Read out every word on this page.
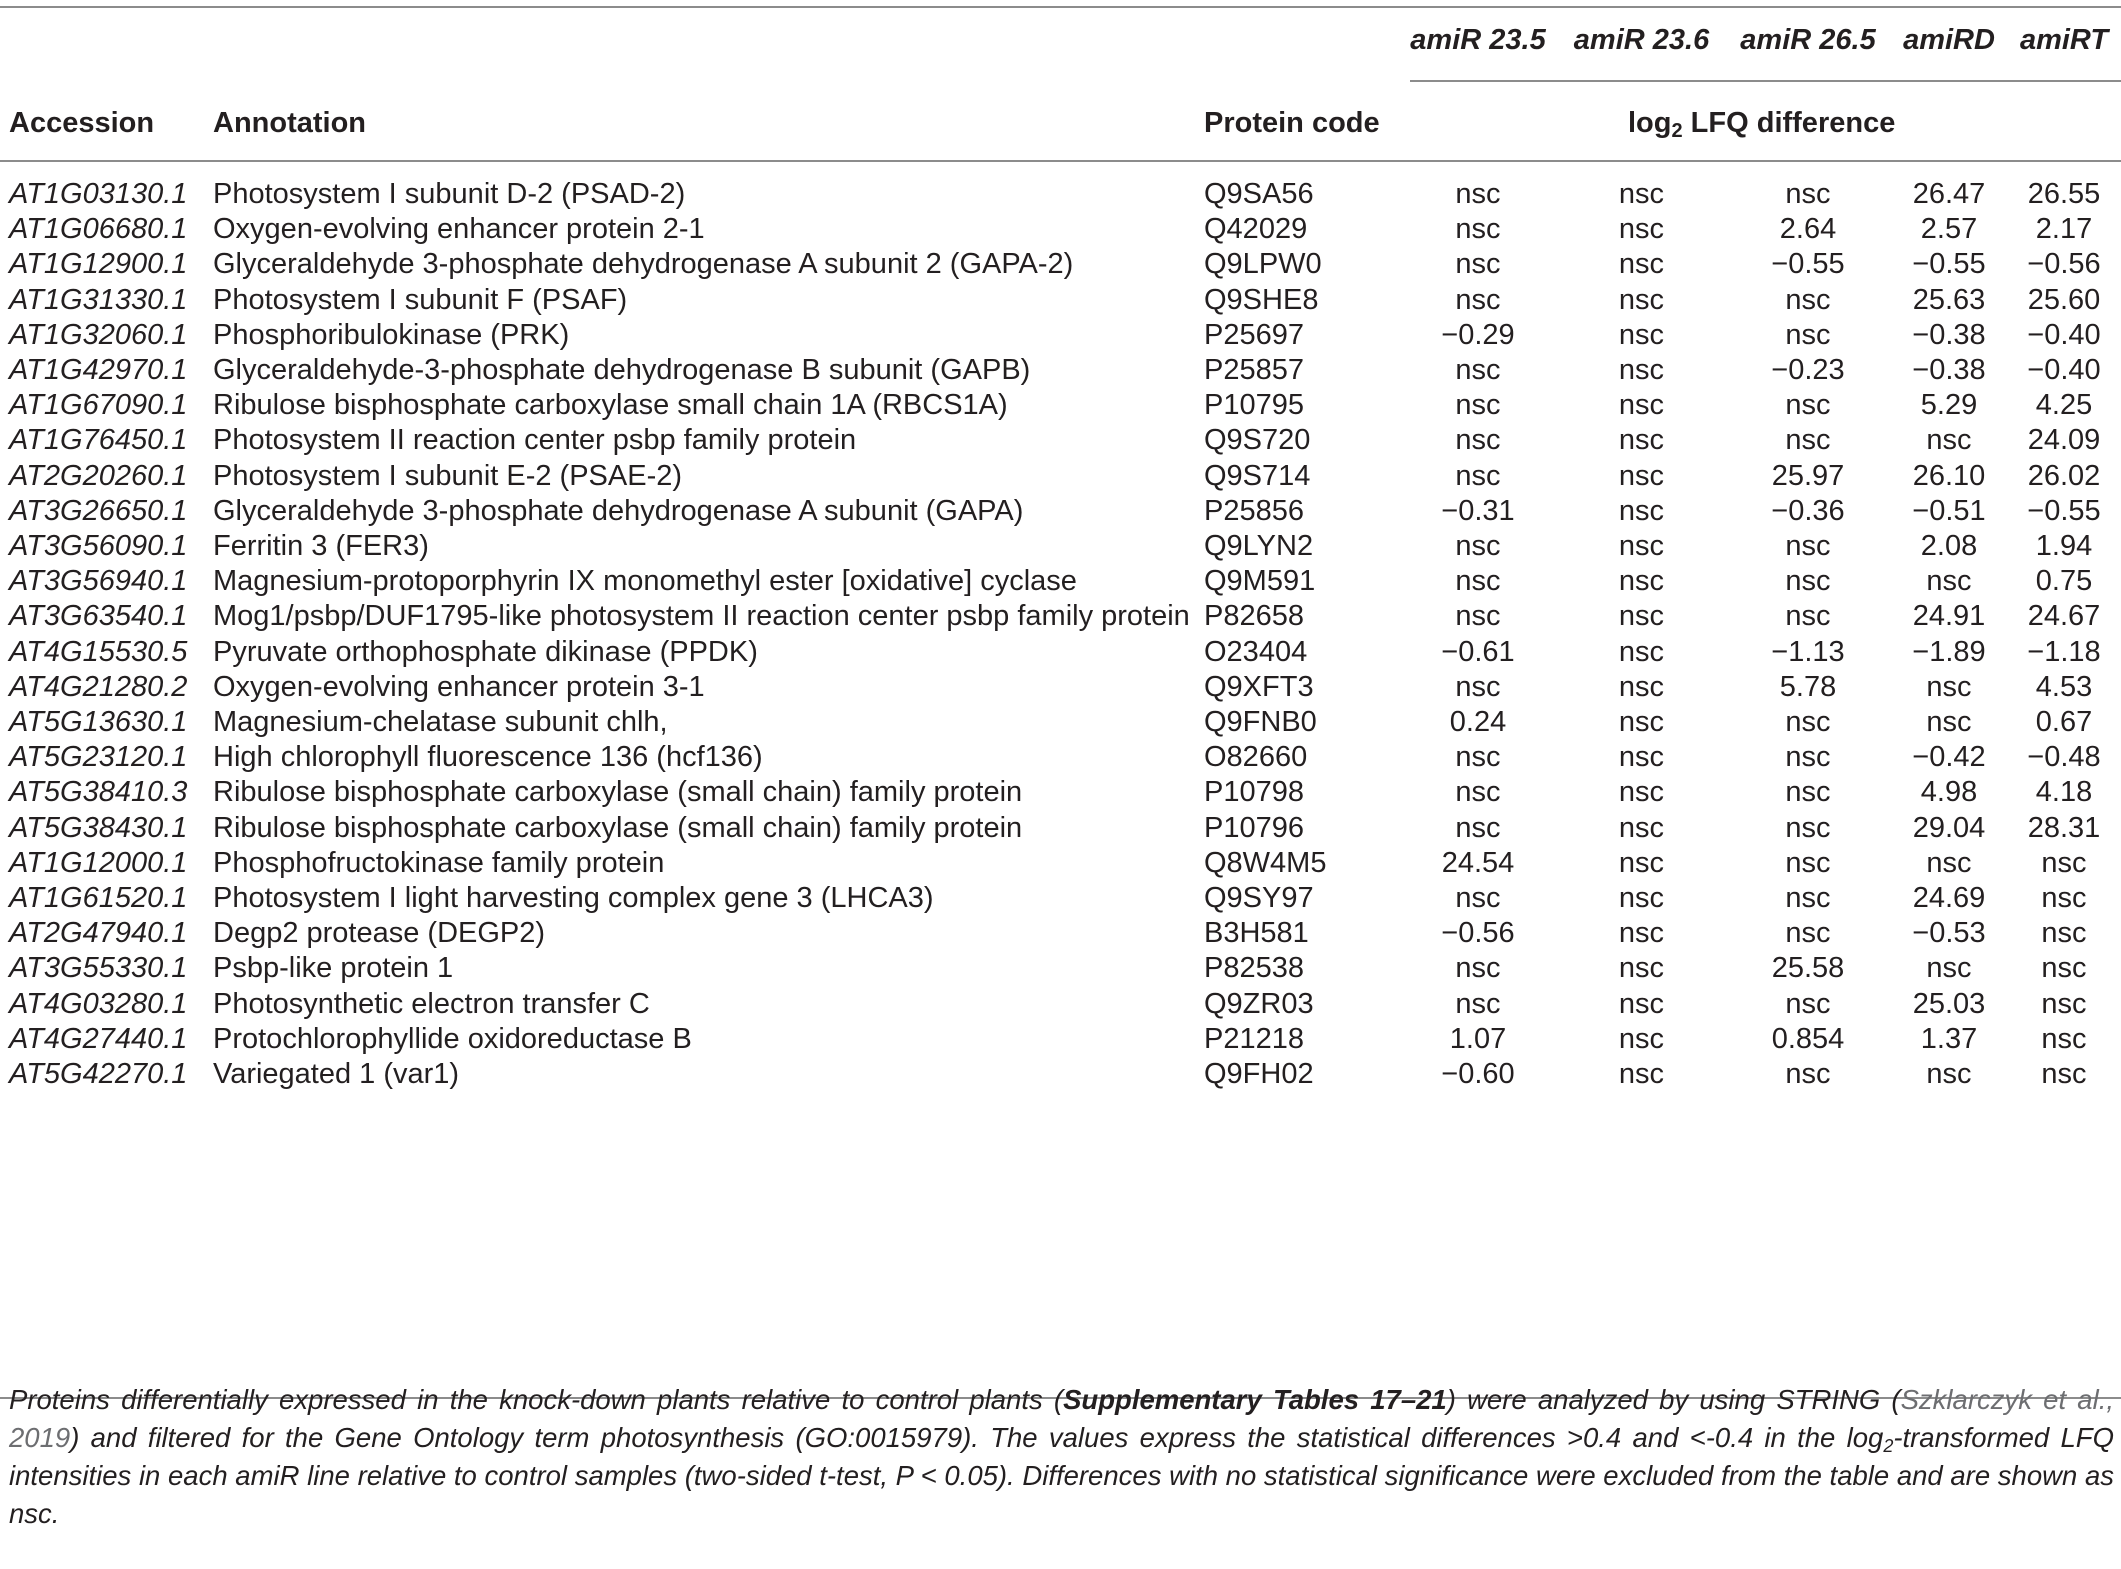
amiR 23.5 amiR 23.6	amiR 26.5 amiRD amiRT
Accession Annotation	Protein code	$\log_2$ LFQ difference
AT1G03130.1 Photosystem I subunit D-2 (PSAD-2)	Q9SA56	nsc	nsc	nsc	26.47	26.55
AT1G06680.1 Oxygen-evolving enhancer protein 2-1	Q42029	nsc	nsc	2.64	2.57	2.17
AT1G12900.1 Glyceraldehyde 3-phosphate dehydrogenase A subunit 2 (GAPA-2)	Q9LPW0	nsc	nsc	−0.55	−0.55	−0.56
AT1G31330.1 Photosystem I subunit F (PSAF)	Q9SHE8	nsc	nsc	nsc	25.63	25.60
AT1G32060.1 Phosphoribulokinase (PRK)	P25697	−0.29	nsc	nsc	−0.38	−0.40
AT1G42970.1 Glyceraldehyde-3-phosphate dehydrogenase B subunit (GAPB)	P25857	nsc	nsc	−0.23	−0.38	−0.40
AT1G67090.1 Ribulose bisphosphate carboxylase small chain 1A (RBCS1A)	P10795	nsc	nsc	nsc	5.29	4.25
AT1G76450.1 Photosystem II reaction center psbp family protein	Q9S720	nsc	nsc	nsc	nsc	24.09
AT2G20260.1 Photosystem I subunit E-2 (PSAE-2)	Q9S714	nsc	nsc	25.97	26.10	26.02
AT3G26650.1 Glyceraldehyde 3-phosphate dehydrogenase A subunit (GAPA)	P25856	−0.31	nsc	−0.36	−0.51	−0.55
AT3G56090.1 Ferritin 3 (FER3)	Q9LYN2	nsc	nsc	nsc	2.08	1.94
AT3G56940.1 Magnesium-protoporphyrin IX monomethyl ester [oxidative] cyclase	Q9M591	nsc	nsc	nsc	nsc	0.75
AT3G63540.1 Mog1/psbp/DUF1795-like photosystem II reaction center psbp family protein P82658	nsc	nsc	nsc	24.91	24.67
AT4G15530.5 Pyruvate orthophosphate dikinase (PPDK)	O23404	−0.61	nsc	−1.13	−1.89	−1.18
AT4G21280.2 Oxygen-evolving enhancer protein 3-1	Q9XFT3	nsc	nsc	5.78	nsc	4.53
AT5G13630.1 Magnesium-chelatase subunit chlh,	Q9FNB0	0.24	nsc	nsc	nsc	0.67
AT5G23120.1 High chlorophyll fluorescence 136 (hcf136)	O82660	nsc	nsc	nsc	−0.42	−0.48
AT5G38410.3 Ribulose bisphosphate carboxylase (small chain) family protein	P10798	nsc	nsc	nsc	4.98	4.18
AT5G38430.1 Ribulose bisphosphate carboxylase (small chain) family protein	P10796	nsc	nsc	nsc	29.04	28.31
AT1G12000.1 Phosphofructokinase family protein	Q8W4M5	24.54	nsc	nsc	nsc	nsc
AT1G61520.1 Photosystem I light harvesting complex gene 3 (LHCA3)	Q9SY97	nsc	nsc	nsc	24.69	nsc
AT2G47940.1 Degp2 protease (DEGP2)	B3H581	−0.56	nsc	nsc	−0.53	nsc
AT3G55330.1 Psbp-like protein 1	P82538	nsc	nsc	25.58	nsc	nsc
AT4G03280.1 Photosynthetic electron transfer C	Q9ZR03	nsc	nsc	nsc	25.03	nsc
AT4G27440.1 Protochlorophyllide oxidoreductase B	P21218	1.07	nsc	0.854	1.37	nsc
AT5G42270.1 Variegated 1 (var1)	Q9FH02	−0.60	nsc	nsc	nsc	nsc

Proteins differentially expressed in the knock-down plants relative to control plants (Supplementary Tables 17–21) were analyzed by using STRING (Szklarczyk et al., 2019) and filtered for the Gene Ontology term photosynthesis (GO:0015979). The values express the statistical differences >0.4 and <-0.4 in the $\log_2$-transformed LFQ intensities in each amiR line relative to control samples (two-sided t-test, P < 0.05). Differences with no statistical significance were excluded from the table and are shown as nsc.
